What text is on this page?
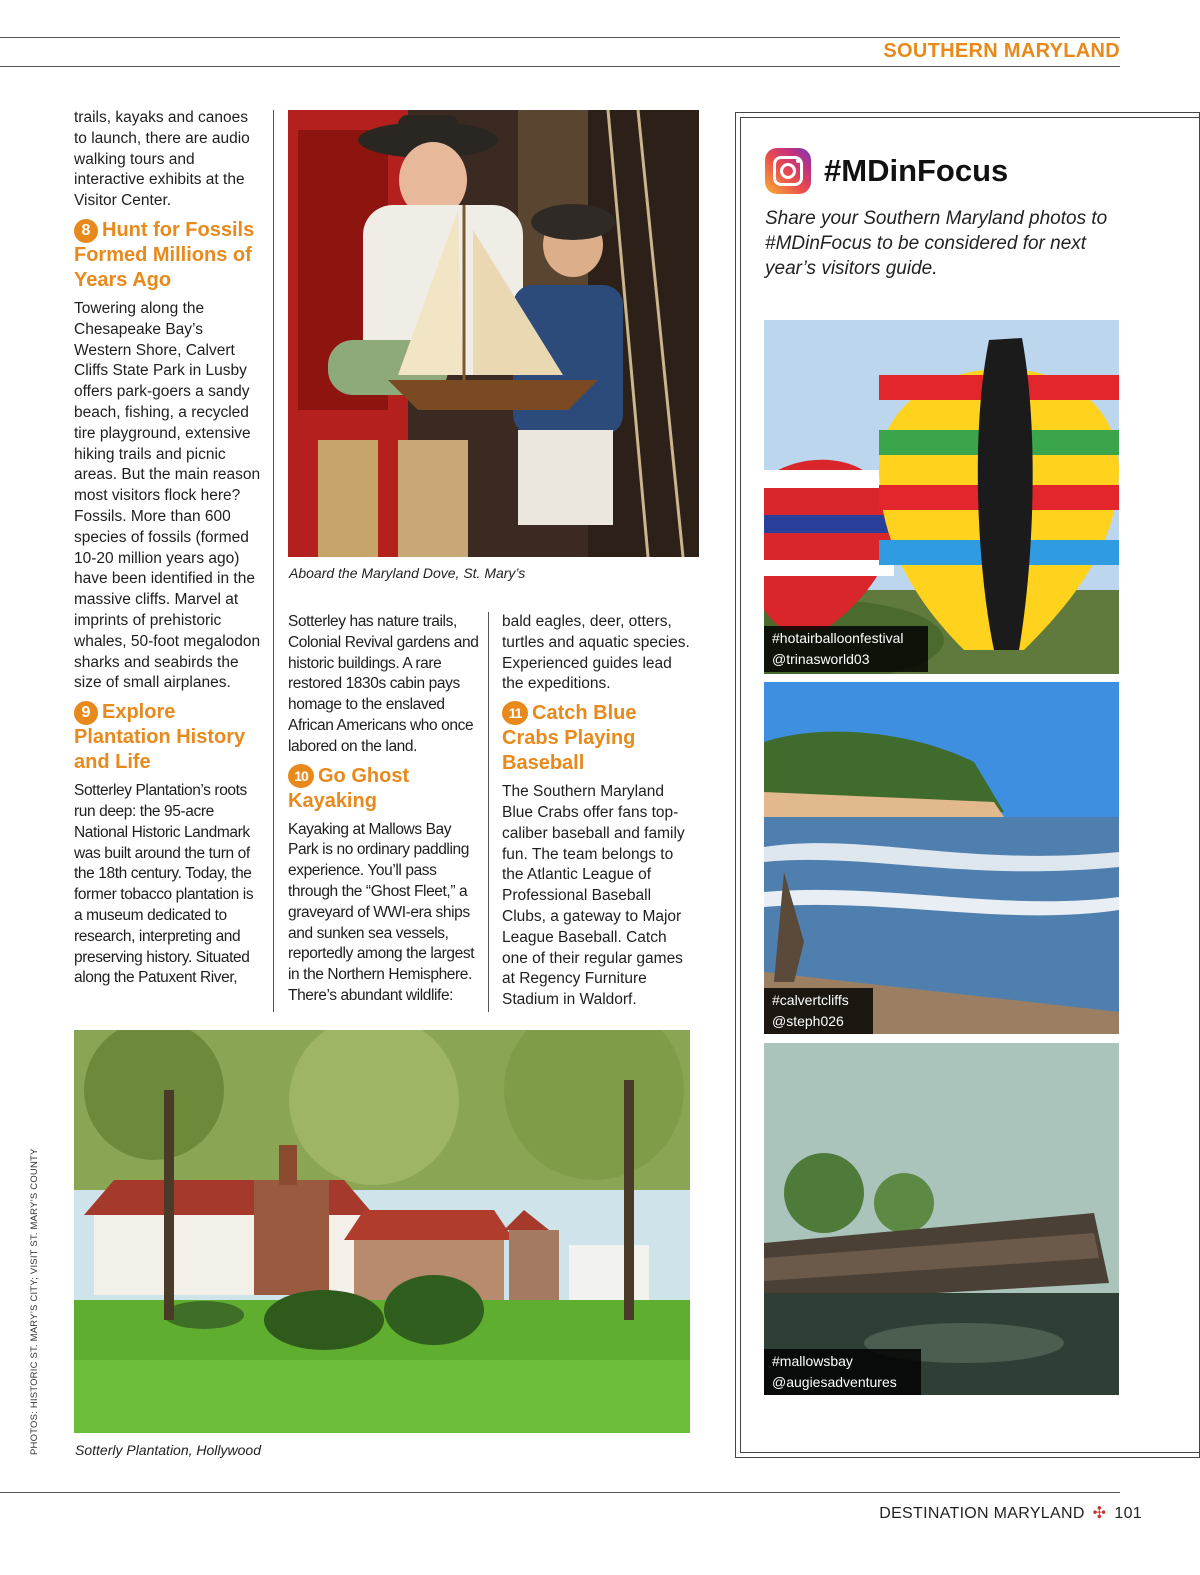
SOUTHERN MARYLAND

trails, kayaks and canoes to launch, there are audio walking tours and interactive exhibits at the Visitor Center.

8 Hunt for Fossils Formed Millions of Years Ago

Towering along the Chesapeake Bay’s Western Shore, Calvert Cliffs State Park in Lusby offers park-goers a sandy beach, fishing, a recycled tire playground, extensive hiking trails and picnic areas. But the main reason most visitors flock here? Fossils. More than 600 species of fossils (formed 10-20 million years ago) have been identified in the massive cliffs. Marvel at imprints of prehistoric whales, 50-foot megalodon sharks and seabirds the size of small airplanes.

9 Explore Plantation History and Life

Sotterley Plantation’s roots run deep: the 95-acre National Historic Landmark was built around the turn of the 18th century. Today, the former tobacco plantation is a museum dedicated to research, interpreting and preserving history. Situated along the Patuxent River,

Aboard the Maryland Dove, St. Mary’s

Sotterley has nature trails, Colonial Revival gardens and historic buildings. A rare restored 1830s cabin pays homage to the enslaved African Americans who once labored on the land.

10 Go Ghost Kayaking

Kayaking at Mallows Bay Park is no ordinary paddling experience. You’ll pass through the “Ghost Fleet,” a graveyard of WWI-era ships and sunken sea vessels, reportedly among the largest in the Northern Hemisphere. There’s abundant wildlife:

bald eagles, deer, otters, turtles and aquatic species. Experienced guides lead the expeditions.

11 Catch Blue Crabs Playing Baseball

The Southern Maryland Blue Crabs offer fans top-caliber baseball and family fun. The team belongs to the Atlantic League of Professional Baseball Clubs, a gateway to Major League Baseball. Catch one of their regular games at Regency Furniture Stadium in Waldorf.

Sotterly Plantation, Hollywood
PHOTOS: HISTORIC ST. MARY’S CITY; VISIT ST. MARY’S COUNTY
#MDinFocus
Share your Southern Maryland photos to #MDinFocus to be considered for next year’s visitors guide.
#hotairballoonfestival
@trinasworld03
#calvertcliffs
@steph026
#mallowsbay
@augiesadventures
DESTINATION MARYLAND ✣ 101
